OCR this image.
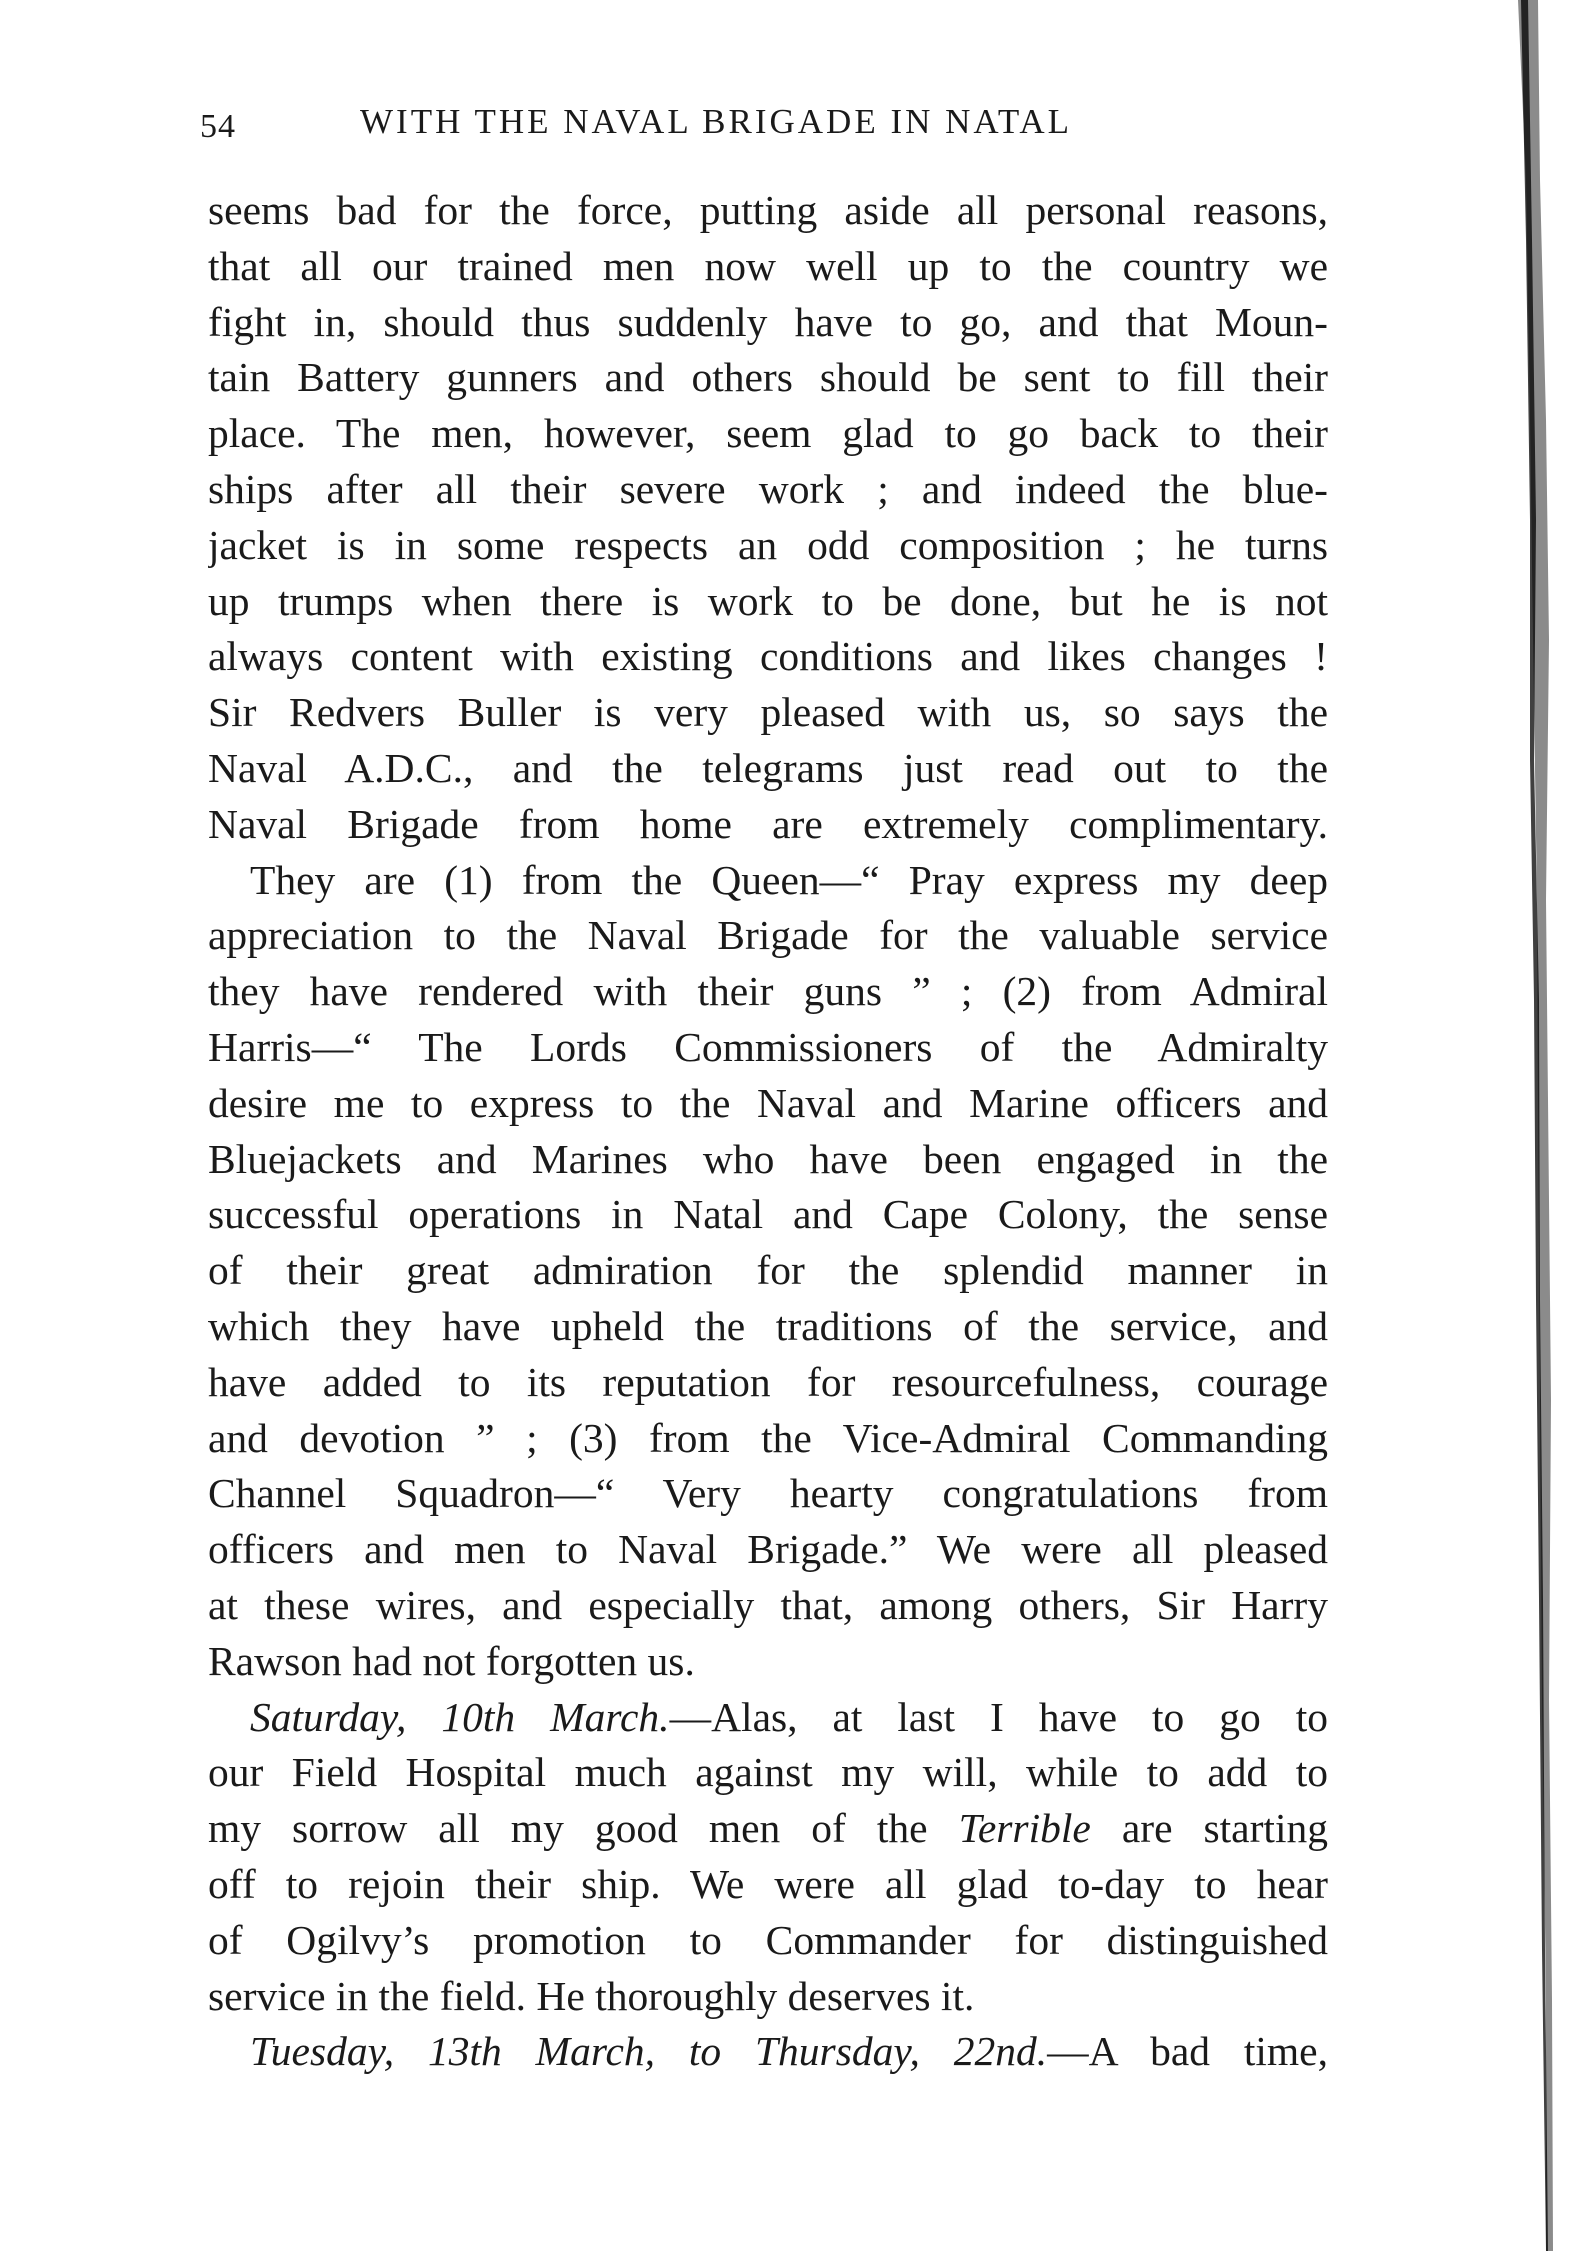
54	WITH THE NAVAL BRIGADE IN NATAL
seems bad for the force, putting aside all personal reasons,
that all our trained men now well up to the country we
fight in, should thus suddenly have to go, and that Moun-
tain Battery gunners and others should be sent to fill their
place. The men, however, seem glad to go back to their
ships after all their severe work ; and indeed the blue-
jacket is in some respects an odd composition ; he turns
up trumps when there is work to be done, but he is not
always content with existing conditions and likes changes !
Sir Redvers Buller is very pleased with us, so says the
Naval A.D.C., and the telegrams just read out to the
Naval Brigade from home are extremely complimentary.
They are (1) from the Queen—“ Pray express my deep
appreciation to the Naval Brigade for the valuable service
they have rendered with their guns ” ; (2) from Admiral
Harris—“ The Lords Commissioners of the Admiralty
desire me to express to the Naval and Marine officers and
Bluejackets and Marines who have been engaged in the
successful operations in Natal and Cape Colony, the sense
of their great admiration for the splendid manner in
which they have upheld the traditions of the service, and
have added to its reputation for resourcefulness, courage
and devotion ” ; (3) from the Vice-Admiral Commanding
Channel Squadron—“ Very hearty congratulations from
officers and men to Naval Brigade.” We were all pleased
at these wires, and especially that, among others, Sir Harry
Rawson had not forgotten us.
Saturday, 10th March.—Alas, at last I have to go to
our Field Hospital much against my will, while to add to
my sorrow all my good men of the Terrible are starting
off to rejoin their ship. We were all glad to-day to hear
of Ogilvy’s promotion to Commander for distinguished
service in the field. He thoroughly deserves it.
Tuesday, 13th March, to Thursday, 22nd.—A bad time,
